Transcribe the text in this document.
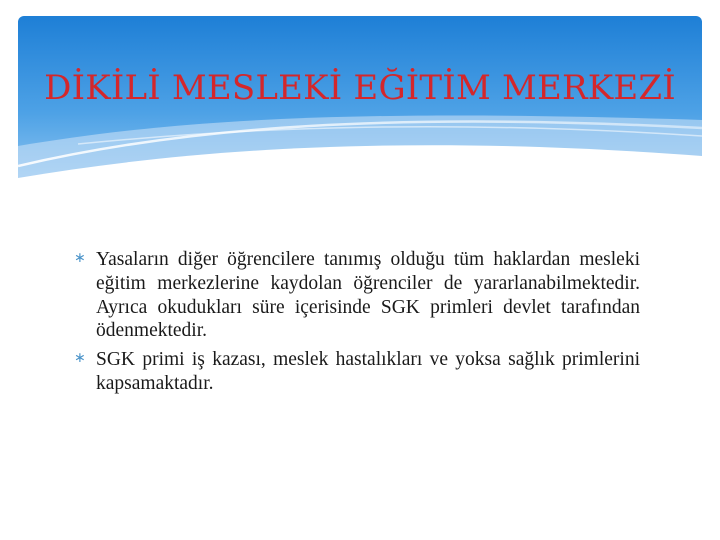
DİKİLİ MESLEKİ EĞİTİM MERKEZİ
∗ Yasaların diğer öğrencilere tanımış olduğu tüm haklardan mesleki eğitim merkezlerine kaydolan öğrenciler de yararlanabilmektedir. Ayrıca okudukları süre içerisinde SGK primleri devlet tarafından ödenmektedir.
∗ SGK primi iş kazası, meslek hastalıkları ve yoksa sağlık primlerini kapsamaktadır.
